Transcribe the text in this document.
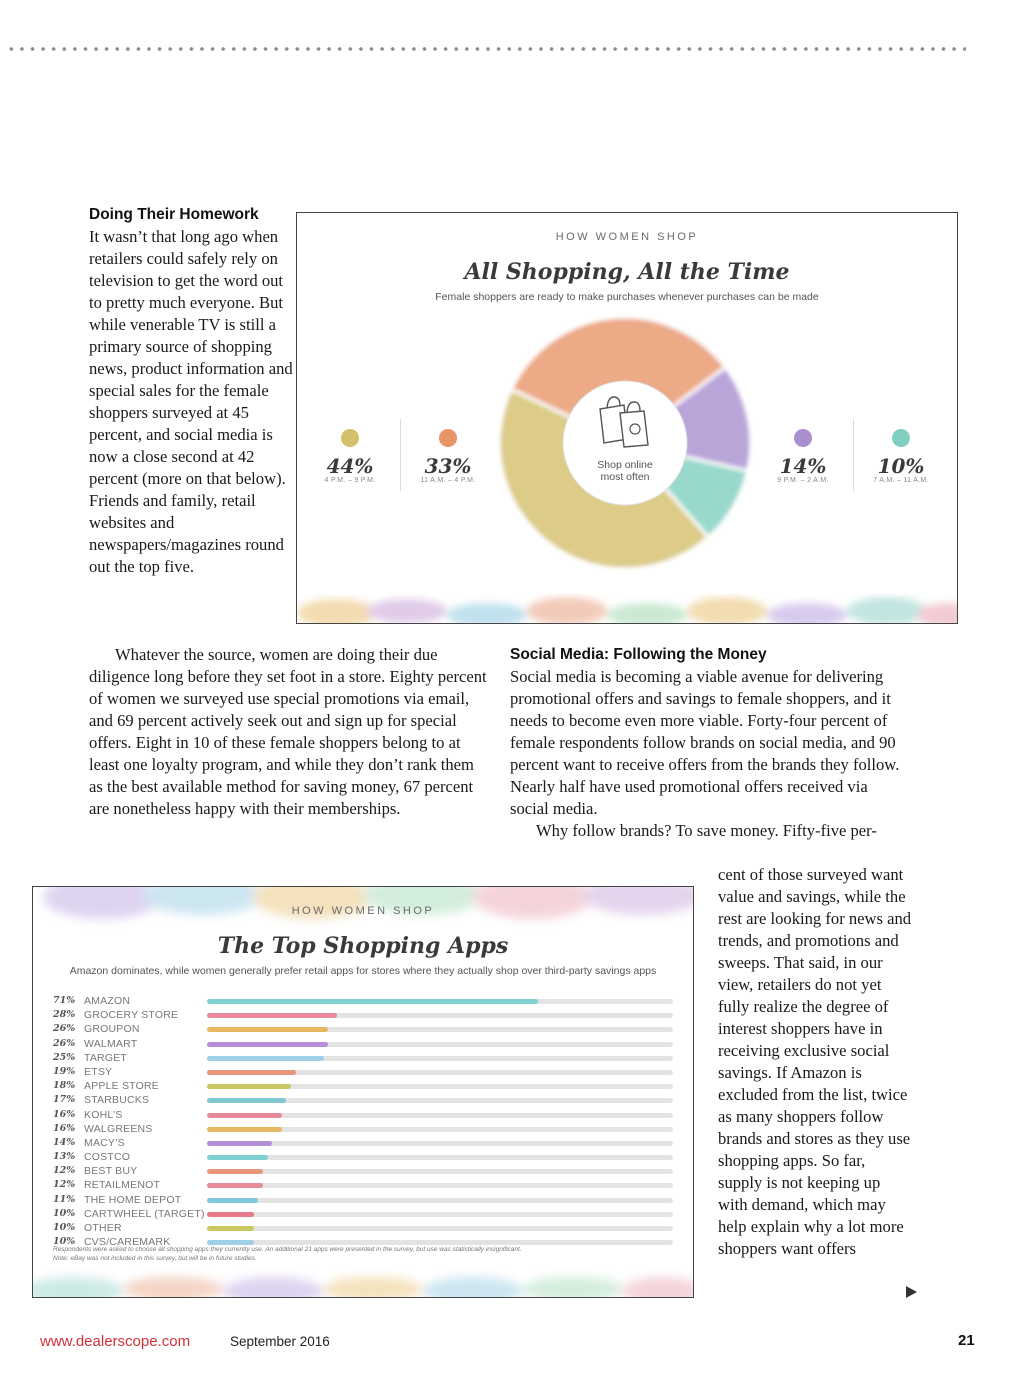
Doing Their Homework

It wasn’t that long ago when retailers could safely rely on television to get the word out to pretty much everyone. But while venerable TV is still a primary source of shopping news, product information and special sales for the female shoppers surveyed at 45 percent, and social media is now a close second at 42 percent (more on that below). Friends and family, retail websites and newspapers/magazines round out the top five.

Whatever the source, women are doing their due diligence long before they set foot in a store. Eighty percent of women we surveyed use special promotions via email, and 69 percent actively seek out and sign up for special offers. Eight in 10 of these female shoppers belong to at least one loyalty program, and while they don’t rank them as the best available method for saving money, 67 percent are nonetheless happy with their memberships.

Social Media: Following the Money

Social media is becoming a viable avenue for delivering promotional offers and savings to female shoppers, and it needs to become even more viable. Forty-four percent of female respondents follow brands on social media, and 90 percent want to receive offers from the brands they follow. Nearly half have used promotional offers received via social media.

Why follow brands? To save money. Fifty-five per-

cent of those surveyed want value and savings, while the rest are looking for news and trends, and promotions and sweeps. That said, in our view, retailers do not yet fully realize the degree of interest shoppers have in receiving exclusive social savings. If Amazon is excluded from the list, twice as many shoppers follow brands and stores as they use shopping apps. So far, supply is not keeping up with demand, which may help explain why a lot more shoppers want offers

HOW WOMEN SHOP
All Shopping, All the Time
Female shoppers are ready to make purchases whenever purchases can be made
Shop online
most often
44%
4 P.M. – 9 P.M.
33%
11 A.M. – 4 P.M.
14%
9 P.M. – 2 A.M.
10%
7 A.M. – 11 A.M.
HOW WOMEN SHOP
The Top Shopping Apps
Amazon dominates, while women generally prefer retail apps for stores where they actually shop over third-party savings apps
71% AMAZON
28% GROCERY STORE
26% GROUPON
26% WALMART
25% TARGET
19% ETSY
18% APPLE STORE
17% STARBUCKS
16% KOHL’S
16% WALGREENS
14% MACY’S
13% COSTCO
12% BEST BUY
12% RETAILMENOT
11% THE HOME DEPOT
10% CARTWHEEL (TARGET)
10% OTHER
10% CVS/CAREMARK
Respondents were asked to choose all shopping apps they currently use. An additional 21 apps were presented in the survey, but use was statistically insignificant.
Note: eBay was not included in this survey, but will be in future studies.
www.dealerscope.com	September 2016	21
